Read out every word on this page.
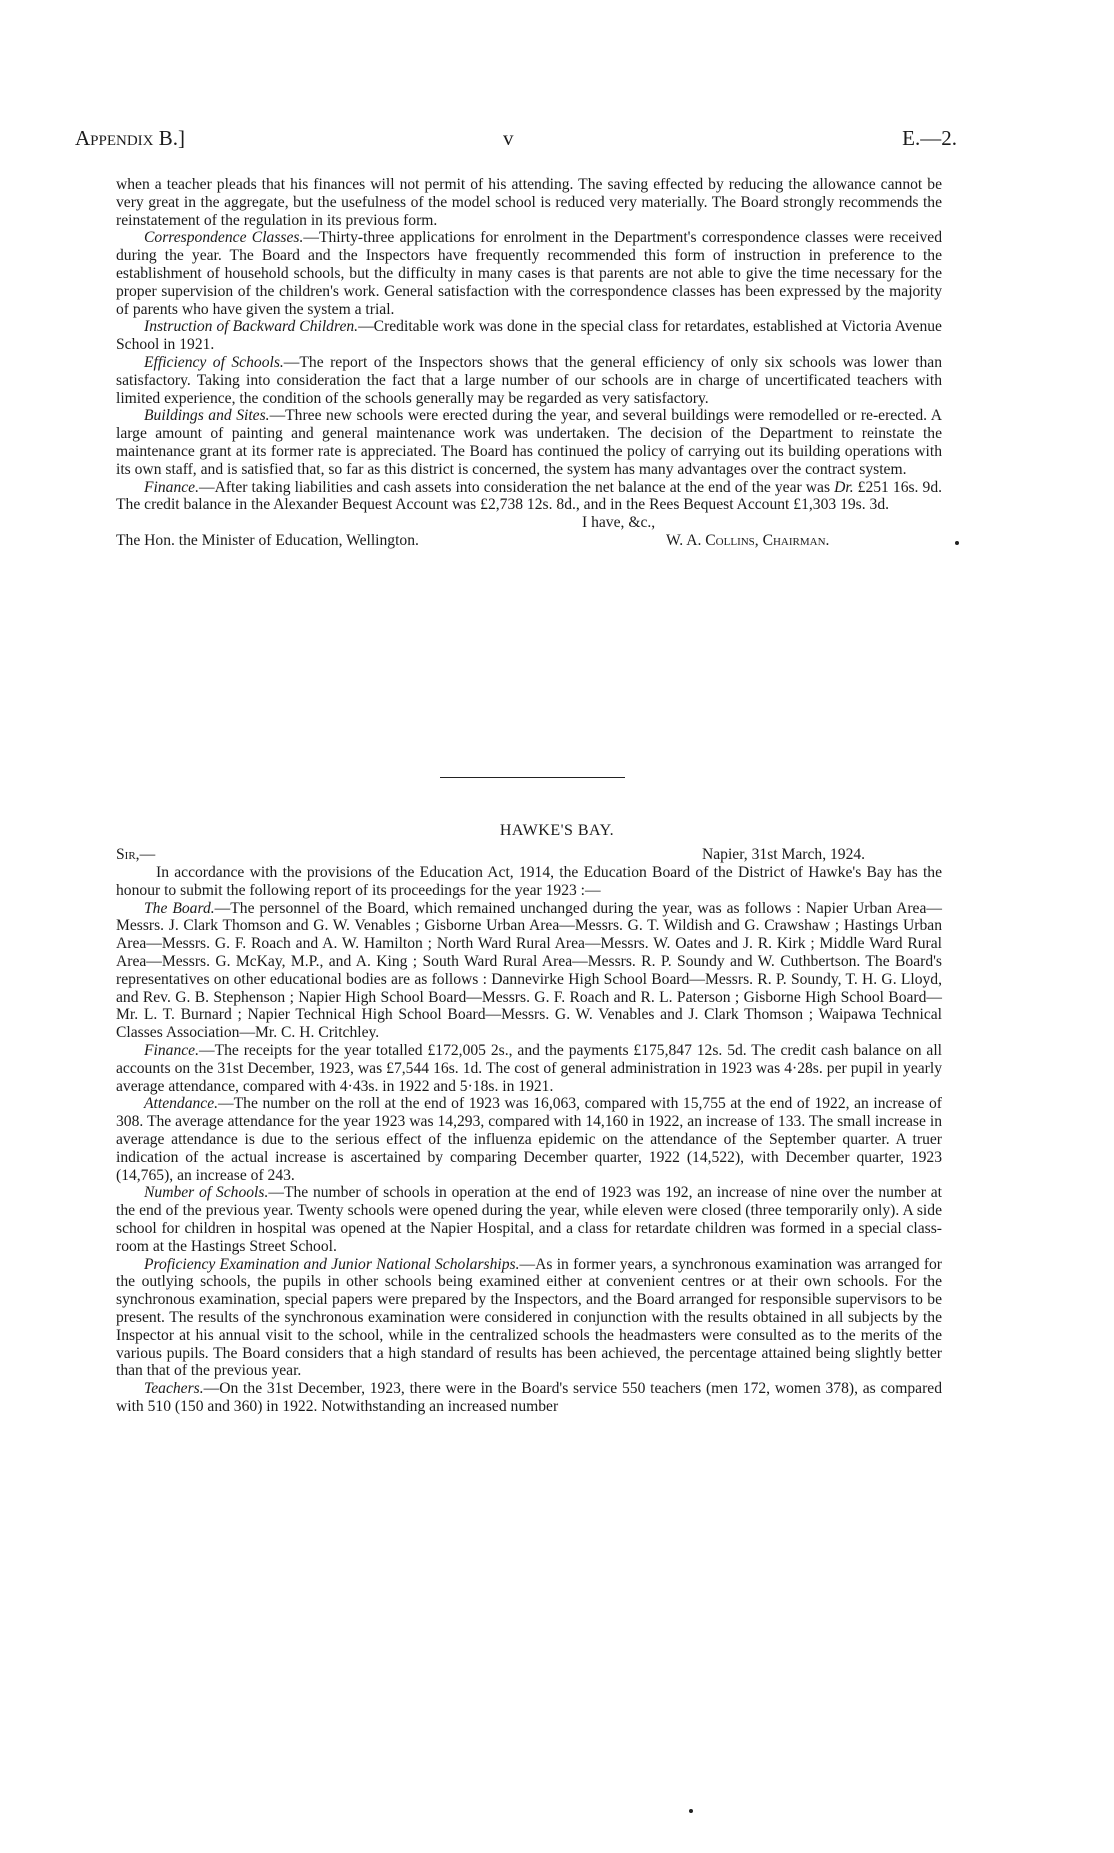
Appendix B.]	v	E.—2.

when a teacher pleads that his finances will not permit of his attending. The saving effected by reducing the allowance cannot be very great in the aggregate, but the usefulness of the model school is reduced very materially. The Board strongly recommends the reinstatement of the regulation in its previous form.

Correspondence Classes.—Thirty-three applications for enrolment in the Department's correspondence classes were received during the year. The Board and the Inspectors have frequently recommended this form of instruction in preference to the establishment of household schools, but the difficulty in many cases is that parents are not able to give the time necessary for the proper supervision of the children's work. General satisfaction with the correspondence classes has been expressed by the majority of parents who have given the system a trial.

Instruction of Backward Children.—Creditable work was done in the special class for retardates, established at Victoria Avenue School in 1921.

Efficiency of Schools.—The report of the Inspectors shows that the general efficiency of only six schools was lower than satisfactory. Taking into consideration the fact that a large number of our schools are in charge of uncertificated teachers with limited experience, the condition of the schools generally may be regarded as very satisfactory.

Buildings and Sites.—Three new schools were erected during the year, and several buildings were remodelled or re-erected. A large amount of painting and general maintenance work was undertaken. The decision of the Department to reinstate the maintenance grant at its former rate is appreciated. The Board has continued the policy of carrying out its building operations with its own staff, and is satisfied that, so far as this district is concerned, the system has many advantages over the contract system.

Finance.—After taking liabilities and cash assets into consideration the net balance at the end of the year was Dr. £251 16s. 9d. The credit balance in the Alexander Bequest Account was £2,738 12s. 8d., and in the Rees Bequest Account £1,303 19s. 3d.

I have, &c.,
The Hon. the Minister of Education, Wellington.	W. A. Collins, Chairman.
HAWKE'S BAY.
Sir,—	Napier, 31st March, 1924.

In accordance with the provisions of the Education Act, 1914, the Education Board of the District of Hawke's Bay has the honour to submit the following report of its proceedings for the year 1923 :—

The Board.—The personnel of the Board, which remained unchanged during the year, was as follows : Napier Urban Area—Messrs. J. Clark Thomson and G. W. Venables ; Gisborne Urban Area—Messrs. G. T. Wildish and G. Crawshaw ; Hastings Urban Area—Messrs. G. F. Roach and A. W. Hamilton ; North Ward Rural Area—Messrs. W. Oates and J. R. Kirk ; Middle Ward Rural Area—Messrs. G. McKay, M.P., and A. King ; South Ward Rural Area—Messrs. R. P. Soundy and W. Cuthbertson. The Board's representatives on other educational bodies are as follows : Dannevirke High School Board—Messrs. R. P. Soundy, T. H. G. Lloyd, and Rev. G. B. Stephenson ; Napier High School Board—Messrs. G. F. Roach and R. L. Paterson ; Gisborne High School Board—Mr. L. T. Burnard ; Napier Technical High School Board—Messrs. G. W. Venables and J. Clark Thomson ; Waipawa Technical Classes Association—Mr. C. H. Critchley.

Finance.—The receipts for the year totalled £172,005 2s., and the payments £175,847 12s. 5d. The credit cash balance on all accounts on the 31st December, 1923, was £7,544 16s. 1d. The cost of general administration in 1923 was 4·28s. per pupil in yearly average attendance, compared with 4·43s. in 1922 and 5·18s. in 1921.

Attendance.—The number on the roll at the end of 1923 was 16,063, compared with 15,755 at the end of 1922, an increase of 308. The average attendance for the year 1923 was 14,293, compared with 14,160 in 1922, an increase of 133. The small increase in average attendance is due to the serious effect of the influenza epidemic on the attendance of the September quarter. A truer indication of the actual increase is ascertained by comparing December quarter, 1922 (14,522), with December quarter, 1923 (14,765), an increase of 243.

Number of Schools.—The number of schools in operation at the end of 1923 was 192, an increase of nine over the number at the end of the previous year. Twenty schools were opened during the year, while eleven were closed (three temporarily only). A side school for children in hospital was opened at the Napier Hospital, and a class for retardate children was formed in a special class-room at the Hastings Street School.

Proficiency Examination and Junior National Scholarships.—As in former years, a synchronous examination was arranged for the outlying schools, the pupils in other schools being examined either at convenient centres or at their own schools. For the synchronous examination, special papers were prepared by the Inspectors, and the Board arranged for responsible supervisors to be present. The results of the synchronous examination were considered in conjunction with the results obtained in all subjects by the Inspector at his annual visit to the school, while in the centralized schools the headmasters were consulted as to the merits of the various pupils. The Board considers that a high standard of results has been achieved, the percentage attained being slightly better than that of the previous year.

Teachers.—On the 31st December, 1923, there were in the Board's service 550 teachers (men 172, women 378), as compared with 510 (150 and 360) in 1922. Notwithstanding an increased number
